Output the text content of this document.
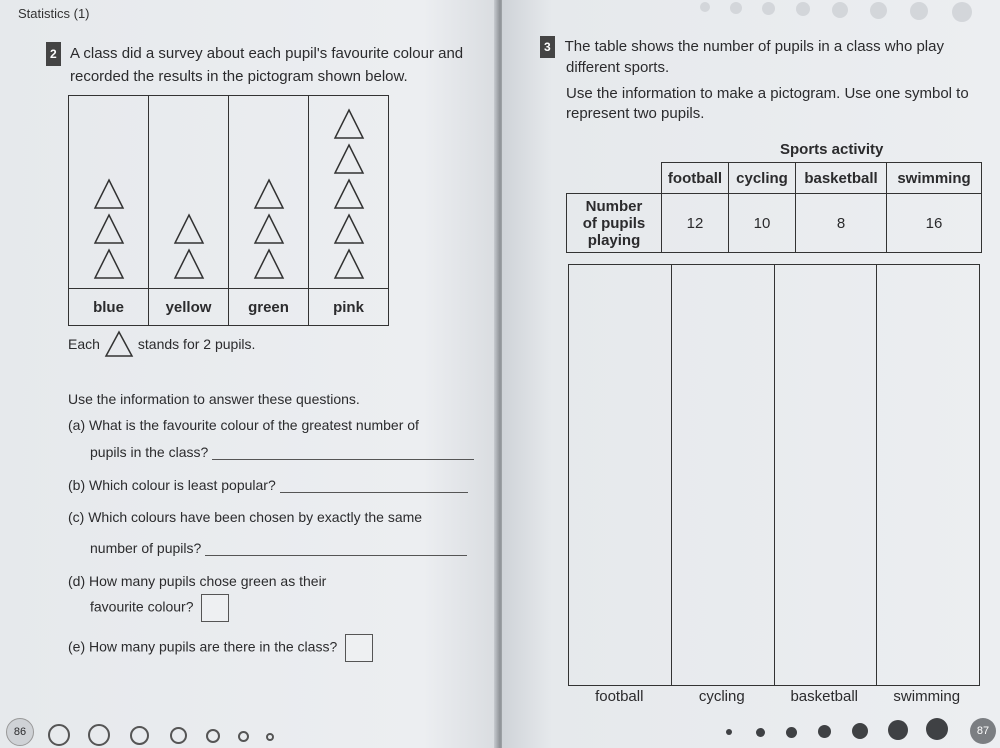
Statistics (1)
2 A class did a survey about each pupil's favourite colour and
recorded the results in the pictogram shown below.

blue	yellow	green	pink
Each	stands for 2 pupils.
Use the information to answer these questions.
(a) What is the favourite colour of the greatest number of
pupils in the class?
(b) Which colour is least popular?
(c) Which colours have been chosen by exactly the same
number of pupils?
(d) How many pupils chose green as their
favourite colour?
(e) How many pupils are there in the class?

3 The table shows the number of pupils in a class who play

different sports.

Use the information to make a pictogram. Use one symbol to

represent two pupils.

Sports activity
	football	cycling	basketball	swimming

Number
of pupils
playing	12	10	8	16
football	cycling	basketball	swimming
86	87
